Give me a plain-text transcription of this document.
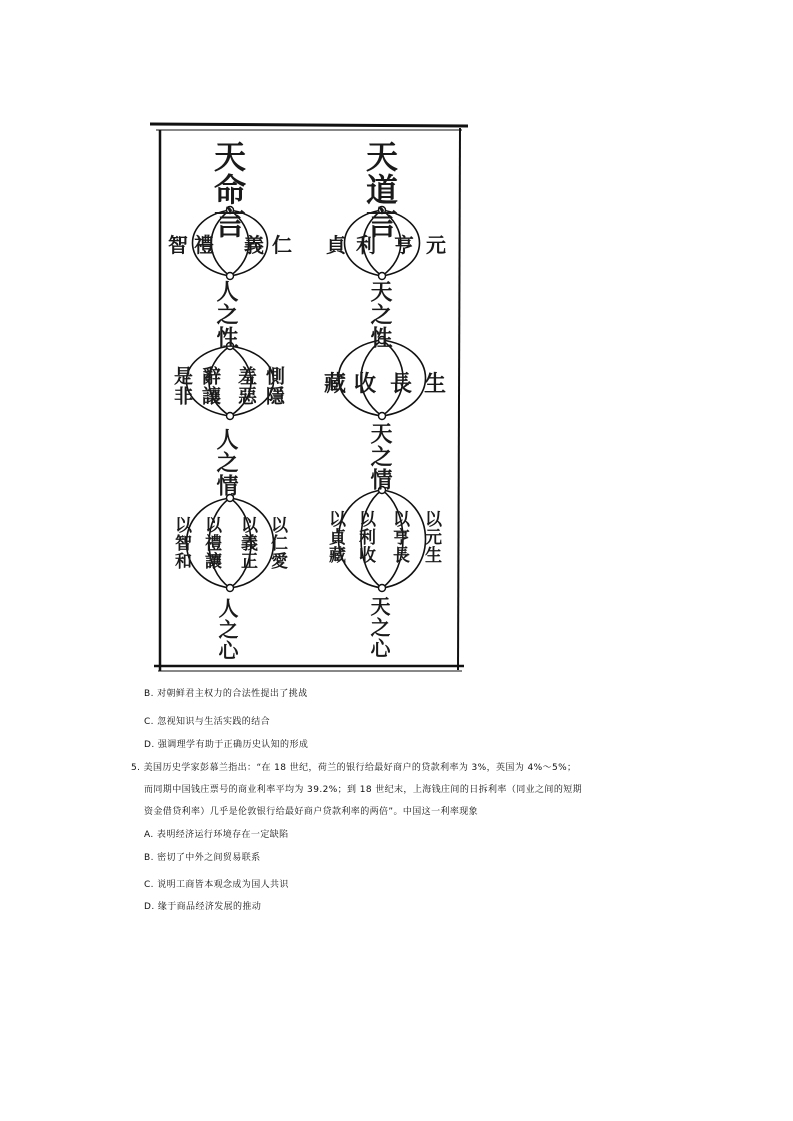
天命言
智 禮 義 仁
人之性
是非 辭讓 羞惡 惻隱
人之情
以智和 以禮讓 以義正 以仁愛
人之心
天道言
貞 利 亨 元
天之性
藏 收 長 生
天之情
以貞藏 以利收 以亨長 以元生
天之心
B. 对朝鲜君主权力的合法性提出了挑战
C. 忽视知识与生活实践的结合
D. 强调理学有助于正确历史认知的形成
5. 美国历史学家彭慕兰指出：“在 18 世纪，荷兰的银行给最好商户的贷款利率为 3%，英国为 4%～5%；
而同期中国钱庄票号的商业利率平均为 39.2%；到 18 世纪末，上海钱庄间的日拆利率（同业之间的短期
资金借贷利率）几乎是伦敦银行给最好商户贷款利率的两倍”。中国这一利率现象
A. 表明经济运行环境存在一定缺陷
B. 密切了中外之间贸易联系
C. 说明工商皆本观念成为国人共识
D. 缘于商品经济发展的推动
